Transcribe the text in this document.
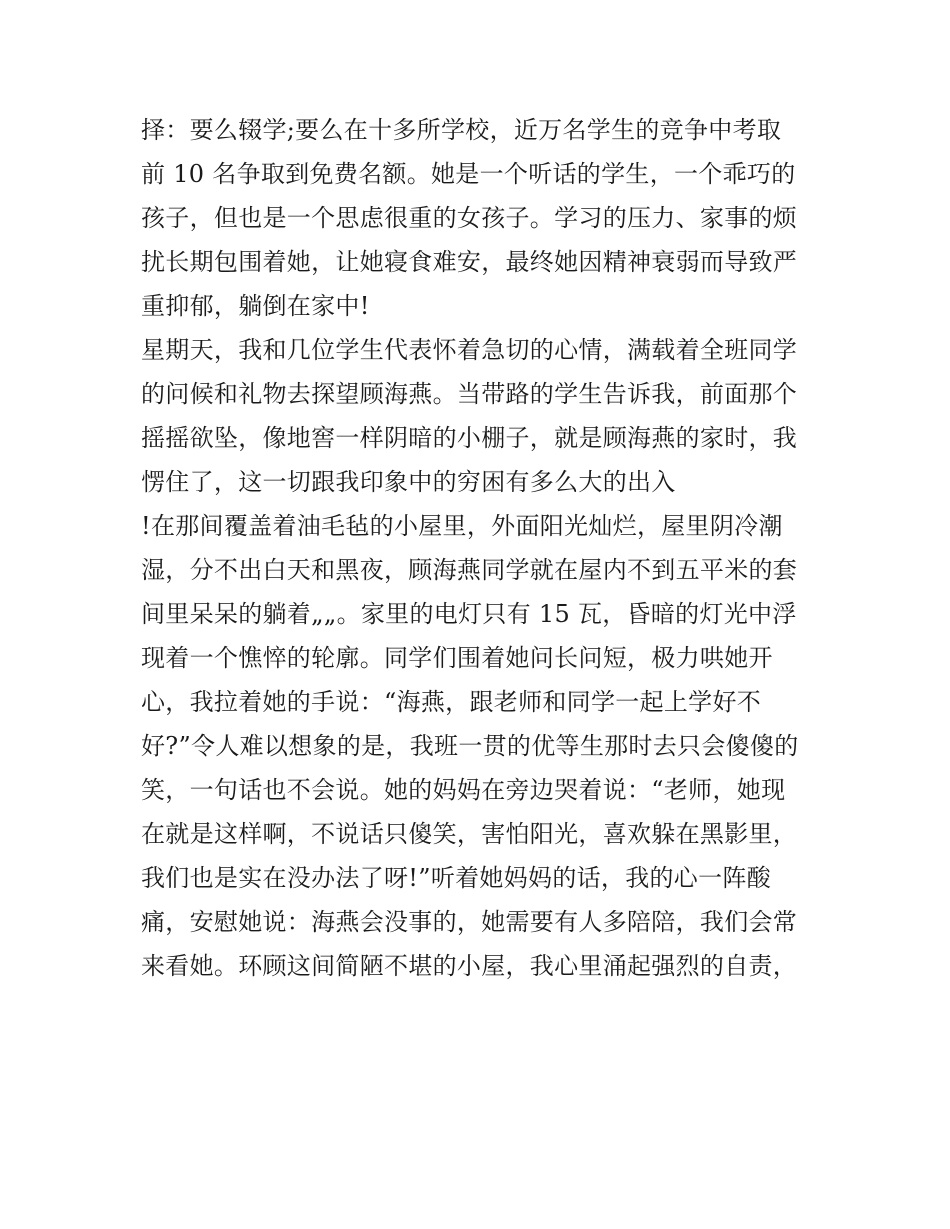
择：要么辍学;要么在十多所学校，近万名学生的竞争中考取
前 10 名争取到免费名额。她是一个听话的学生，一个乖巧的
孩子，但也是一个思虑很重的女孩子。学习的压力、家事的烦
扰长期包围着她，让她寝食难安，最终她因精神衰弱而导致严
重抑郁，躺倒在家中!
星期天，我和几位学生代表怀着急切的心情，满载着全班同学
的问候和礼物去探望顾海燕。当带路的学生告诉我，前面那个
摇摇欲坠，像地窖一样阴暗的小棚子，就是顾海燕的家时，我
愣住了，这一切跟我印象中的穷困有多么大的出入
!在那间覆盖着油毛毡的小屋里，外面阳光灿烂，屋里阴冷潮
湿，分不出白天和黑夜，顾海燕同学就在屋内不到五平米的套
间里呆呆的躺着„„。家里的电灯只有 15 瓦，昏暗的灯光中浮
现着一个憔悴的轮廓。同学们围着她问长问短，极力哄她开
心，我拉着她的手说：“海燕，跟老师和同学一起上学好不
好?”令人难以想象的是，我班一贯的优等生那时去只会傻傻的
笑，一句话也不会说。她的妈妈在旁边哭着说：“老师，她现
在就是这样啊，不说话只傻笑，害怕阳光，喜欢躲在黑影里，
我们也是实在没办法了呀!”听着她妈妈的话，我的心一阵酸
痛，安慰她说：海燕会没事的，她需要有人多陪陪，我们会常
来看她。环顾这间简陋不堪的小屋，我心里涌起强烈的自责，
